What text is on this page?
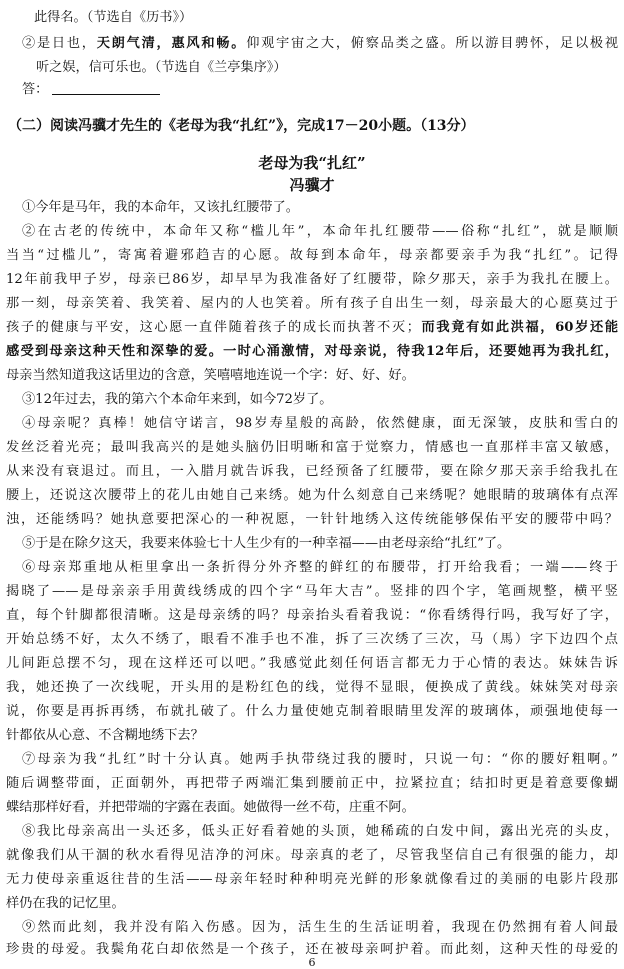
此得名。（节选自《历书》）
②是日也，天朗气清，惠风和畅。仰观宇宙之大，俯察品类之盛。所以游目骋怀，足以极视
听之娱，信可乐也。（节选自《兰亭集序》）
答：
（二）阅读冯骥才先生的《老母为我“扎红”》，完成17－20小题。（13分）
老母为我“扎红”
冯骥才
①今年是马年，我的本命年，又该扎红腰带了。
②在古老的传统中，本命年又称“槛儿年”，本命年扎红腰带——俗称“扎红”，就是顺顺
当当“过槛儿”，寄寓着避邪趋吉的心愿。故每到本命年，母亲都要亲手为我“扎红”。记得
12年前我甲子岁，母亲已86岁，却早早为我准备好了红腰带，除夕那天，亲手为我扎在腰上。
那一刻，母亲笑着、我笑着、屋内的人也笑着。所有孩子自出生一刻，母亲最大的心愿莫过于
孩子的健康与平安，这心愿一直伴随着孩子的成长而执著不灭；而我竟有如此洪福，60岁还能
感受到母亲这种天性和深挚的爱。一时心涌激情，对母亲说，待我12年后，还要她再为我扎红，
母亲当然知道我这话里边的含意，笑嘻嘻地连说一个字：好、好、好。
③12年过去，我的第六个本命年来到，如今72岁了。
④母亲呢？真棒！她信守诺言，98岁寿星般的高龄，依然健康，面无深皱，皮肤和雪白的
发丝泛着光亮；最叫我高兴的是她头脑仍旧明晰和富于觉察力，情感也一直那样丰富又敏感，
从来没有衰退过。而且，一入腊月就告诉我，已经预备了红腰带，要在除夕那天亲手给我扎在
腰上，还说这次腰带上的花儿由她自己来绣。她为什么刻意自己来绣呢？她眼睛的玻璃体有点浑
浊，还能绣吗？她执意要把深心的一种祝愿，一针针地绣入这传统能够保佑平安的腰带中吗？
⑤于是在除夕这天，我要来体验七十人生少有的一种幸福——由老母亲给“扎红”了。
⑥母亲郑重地从柜里拿出一条折得分外齐整的鲜红的布腰带，打开给我看；一端——终于
揭晓了——是母亲亲手用黄线绣成的四个字“马年大吉”。竖排的四个字，笔画规整，横平竖
直，每个针脚都很清晰。这是母亲绣的吗？母亲抬头看着我说：“你看绣得行吗，我写好了字，
开始总绣不好，太久不绣了，眼看不准手也不准，拆了三次绣了三次，马（馬）字下边四个点
儿间距总摆不匀，现在这样还可以吧。”我感觉此刻任何语言都无力于心情的表达。妹妹告诉
我，她还换了一次线呢，开头用的是粉红色的线，觉得不显眼，便换成了黄线。妹妹笑对母亲
说，你要是再拆再绣，布就扎破了。什么力量使她克制着眼睛里发浑的玻璃体，顽强地使每一
针都依从心意、不含糊地绣下去？
⑦母亲为我“扎红”时十分认真。她两手执带绕过我的腰时，只说一句：“你的腰好粗啊。”
随后调整带面，正面朝外，再把带子两端汇集到腰前正中，拉紧拉直；结扣时更是着意要像蝴
蝶结那样好看，并把带端的字露在表面。她做得一丝不苟，庄重不阿。
⑧我比母亲高出一头还多，低头正好看着她的头顶，她稀疏的白发中间，露出光亮的头皮，
就像我们从干涸的秋水看得见洁净的河床。母亲真的老了，尽管我坚信自己有很强的能力，却
无力使母亲重返往昔的生活——母亲年轻时种种明亮光鲜的形象就像看过的美丽的电影片段那
样仍在我的记忆里。
⑨然而此刻，我并没有陷入伤感。因为，活生生的生活证明着，我现在仍然拥有着人间最
珍贵的母爱。我鬓角花白却依然是一个孩子，还在被母亲呵护着。而此刻，这种天性的母爱的
6
